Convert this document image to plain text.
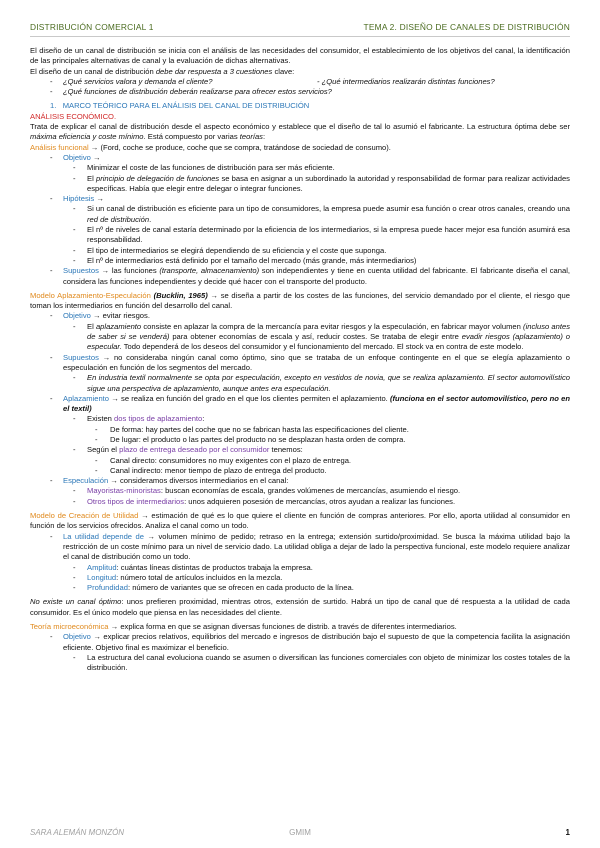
DISTRIBUCIÓN COMERCIAL 1	TEMA 2. DISEÑO DE CANALES DE DISTRIBUCIÓN

El diseño de un canal de distribución se inicia con el análisis de las necesidades del consumidor, el establecimiento de los objetivos del canal, la identificación de las principales alternativas de canal y la evaluación de dichas alternativas.

El diseño de un canal de distribución debe dar respuesta a 3 cuestiones clave:

- ¿Qué servicios valora y demanda el cliente?	- ¿Qué intermediarios realizarán distintas funciones?
- ¿Qué funciones de distribución deberán realizarse para ofrecer estos servicios?
1. MARCO TEÓRICO PARA EL ANÁLISIS DEL CANAL DE DISTRIBUCIÓN

ANÁLISIS ECONÓMICO.

Trata de explicar el canal de distribución desde el aspecto económico y establece que el diseño de tal lo asumió el fabricante. La estructura óptima debe ser máxima eficiencia y coste mínimo. Está compuesto por varias teorías:

Análisis funcional → (Ford, coche se produce, coche que se compra, tratándose de sociedad de consumo).

- Objetivo →
- Minimizar el coste de las funciones de distribución para ser más eficiente.
- El principio de delegación de funciones se basa en asignar a un subordinado la autoridad y responsabilidad de formar para realizar actividades específicas. Había que elegir entre delegar o integrar funciones.
- Hipótesis →
- Si un canal de distribución es eficiente para un tipo de consumidores, la empresa puede asumir esa función o crear otros canales, creando una red de distribución.
- El nº de niveles de canal estaría determinado por la eficiencia de los intermediarios, si la empresa puede hacer mejor esa función asumirá esa responsabilidad.
- El tipo de intermediarios se elegirá dependiendo de su eficiencia y el coste que suponga.
- El nº de intermediarios está definido por el tamaño del mercado (más grande, más intermediarios)
- Supuestos → las funciones (transporte, almacenamiento) son independientes y tiene en cuenta utilidad del fabricante. El fabricante diseña el canal, considera las funciones independientes y decide qué hacer con el transporte del producto.

Modelo Aplazamiento-Especulación (Bucklin, 1965) → se diseña a partir de los costes de las funciones, del servicio demandado por el cliente, el riesgo que toman los intermediarios en función del desarrollo del canal.

- Objetivo → evitar riesgos.
- El aplazamiento consiste en aplazar la compra de la mercancía para evitar riesgos y la especulación, en fabricar mayor volumen (incluso antes de saber si se venderá) para obtener economías de escala y así, reducir costes. Se trataba de elegir entre evadir riesgos (aplazamiento) o especular. Todo dependerá de los deseos del consumidor y el funcionamiento del mercado. El stock va en contra de este modelo.
- Supuestos → no consideraba ningún canal como óptimo, sino que se trataba de un enfoque contingente en el que se elegía aplazamiento o especulación en función de los segmentos del mercado.
- En industria textil normalmente se opta por especulación, excepto en vestidos de novia, que se realiza aplazamiento. El sector automovilístico sigue una perspectiva de aplazamiento, aunque antes era especulación.
- Aplazamiento → se realiza en función del grado en el que los clientes permiten el aplazamiento. (funciona en el sector automovilístico, pero no en el textil)
- Existen dos tipos de aplazamiento:
- De forma: hay partes del coche que no se fabrican hasta las especificaciones del cliente.
- De lugar: el producto o las partes del producto no se desplazan hasta orden de compra.
- Según el plazo de entrega deseado por el consumidor tenemos:
- Canal directo: consumidores no muy exigentes con el plazo de entrega.
- Canal indirecto: menor tiempo de plazo de entrega del producto.
- Especulación → consideramos diversos intermediarios en el canal:
- Mayoristas-minoristas: buscan economías de escala, grandes volúmenes de mercancías, asumiendo el riesgo.
- Otros tipos de intermediarios: unos adquieren posesión de mercancías, otros ayudan a realizar las funciones.

Modelo de Creación de Utilidad → estimación de qué es lo que quiere el cliente en función de compras anteriores. Por ello, aporta utilidad al consumidor en función de los servicios ofrecidos. Analiza el canal como un todo.

- La utilidad depende de → volumen mínimo de pedido; retraso en la entrega; extensión surtido/proximidad. Se busca la máxima utilidad bajo la restricción de un coste mínimo para un nivel de servicio dado. La utilidad obliga a dejar de lado la perspectiva funcional, este modelo requiere analizar el canal de distribución como un todo.
- Amplitud: cuántas líneas distintas de productos trabaja la empresa.
- Longitud: número total de artículos incluidos en la mezcla.
- Profundidad: número de variantes que se ofrecen en cada producto de la línea.

No existe un canal óptimo: unos prefieren proximidad, mientras otros, extensión de surtido. Habrá un tipo de canal que dé respuesta a la utilidad de cada consumidor. Es el único modelo que piensa en las necesidades del cliente.

Teoría microeconómica → explica forma en que se asignan diversas funciones de distrib. a través de diferentes intermediarios.

- Objetivo → explicar precios relativos, equilibrios del mercado e ingresos de distribución bajo el supuesto de que la competencia facilita la asignación eficiente. Objetivo final es maximizar el beneficio.
- La estructura del canal evoluciona cuando se asumen o diversifican las funciones comerciales con objeto de minimizar los costes totales de la distribución.
SARA ALEMÁN MONZÓN	GMIM	1
